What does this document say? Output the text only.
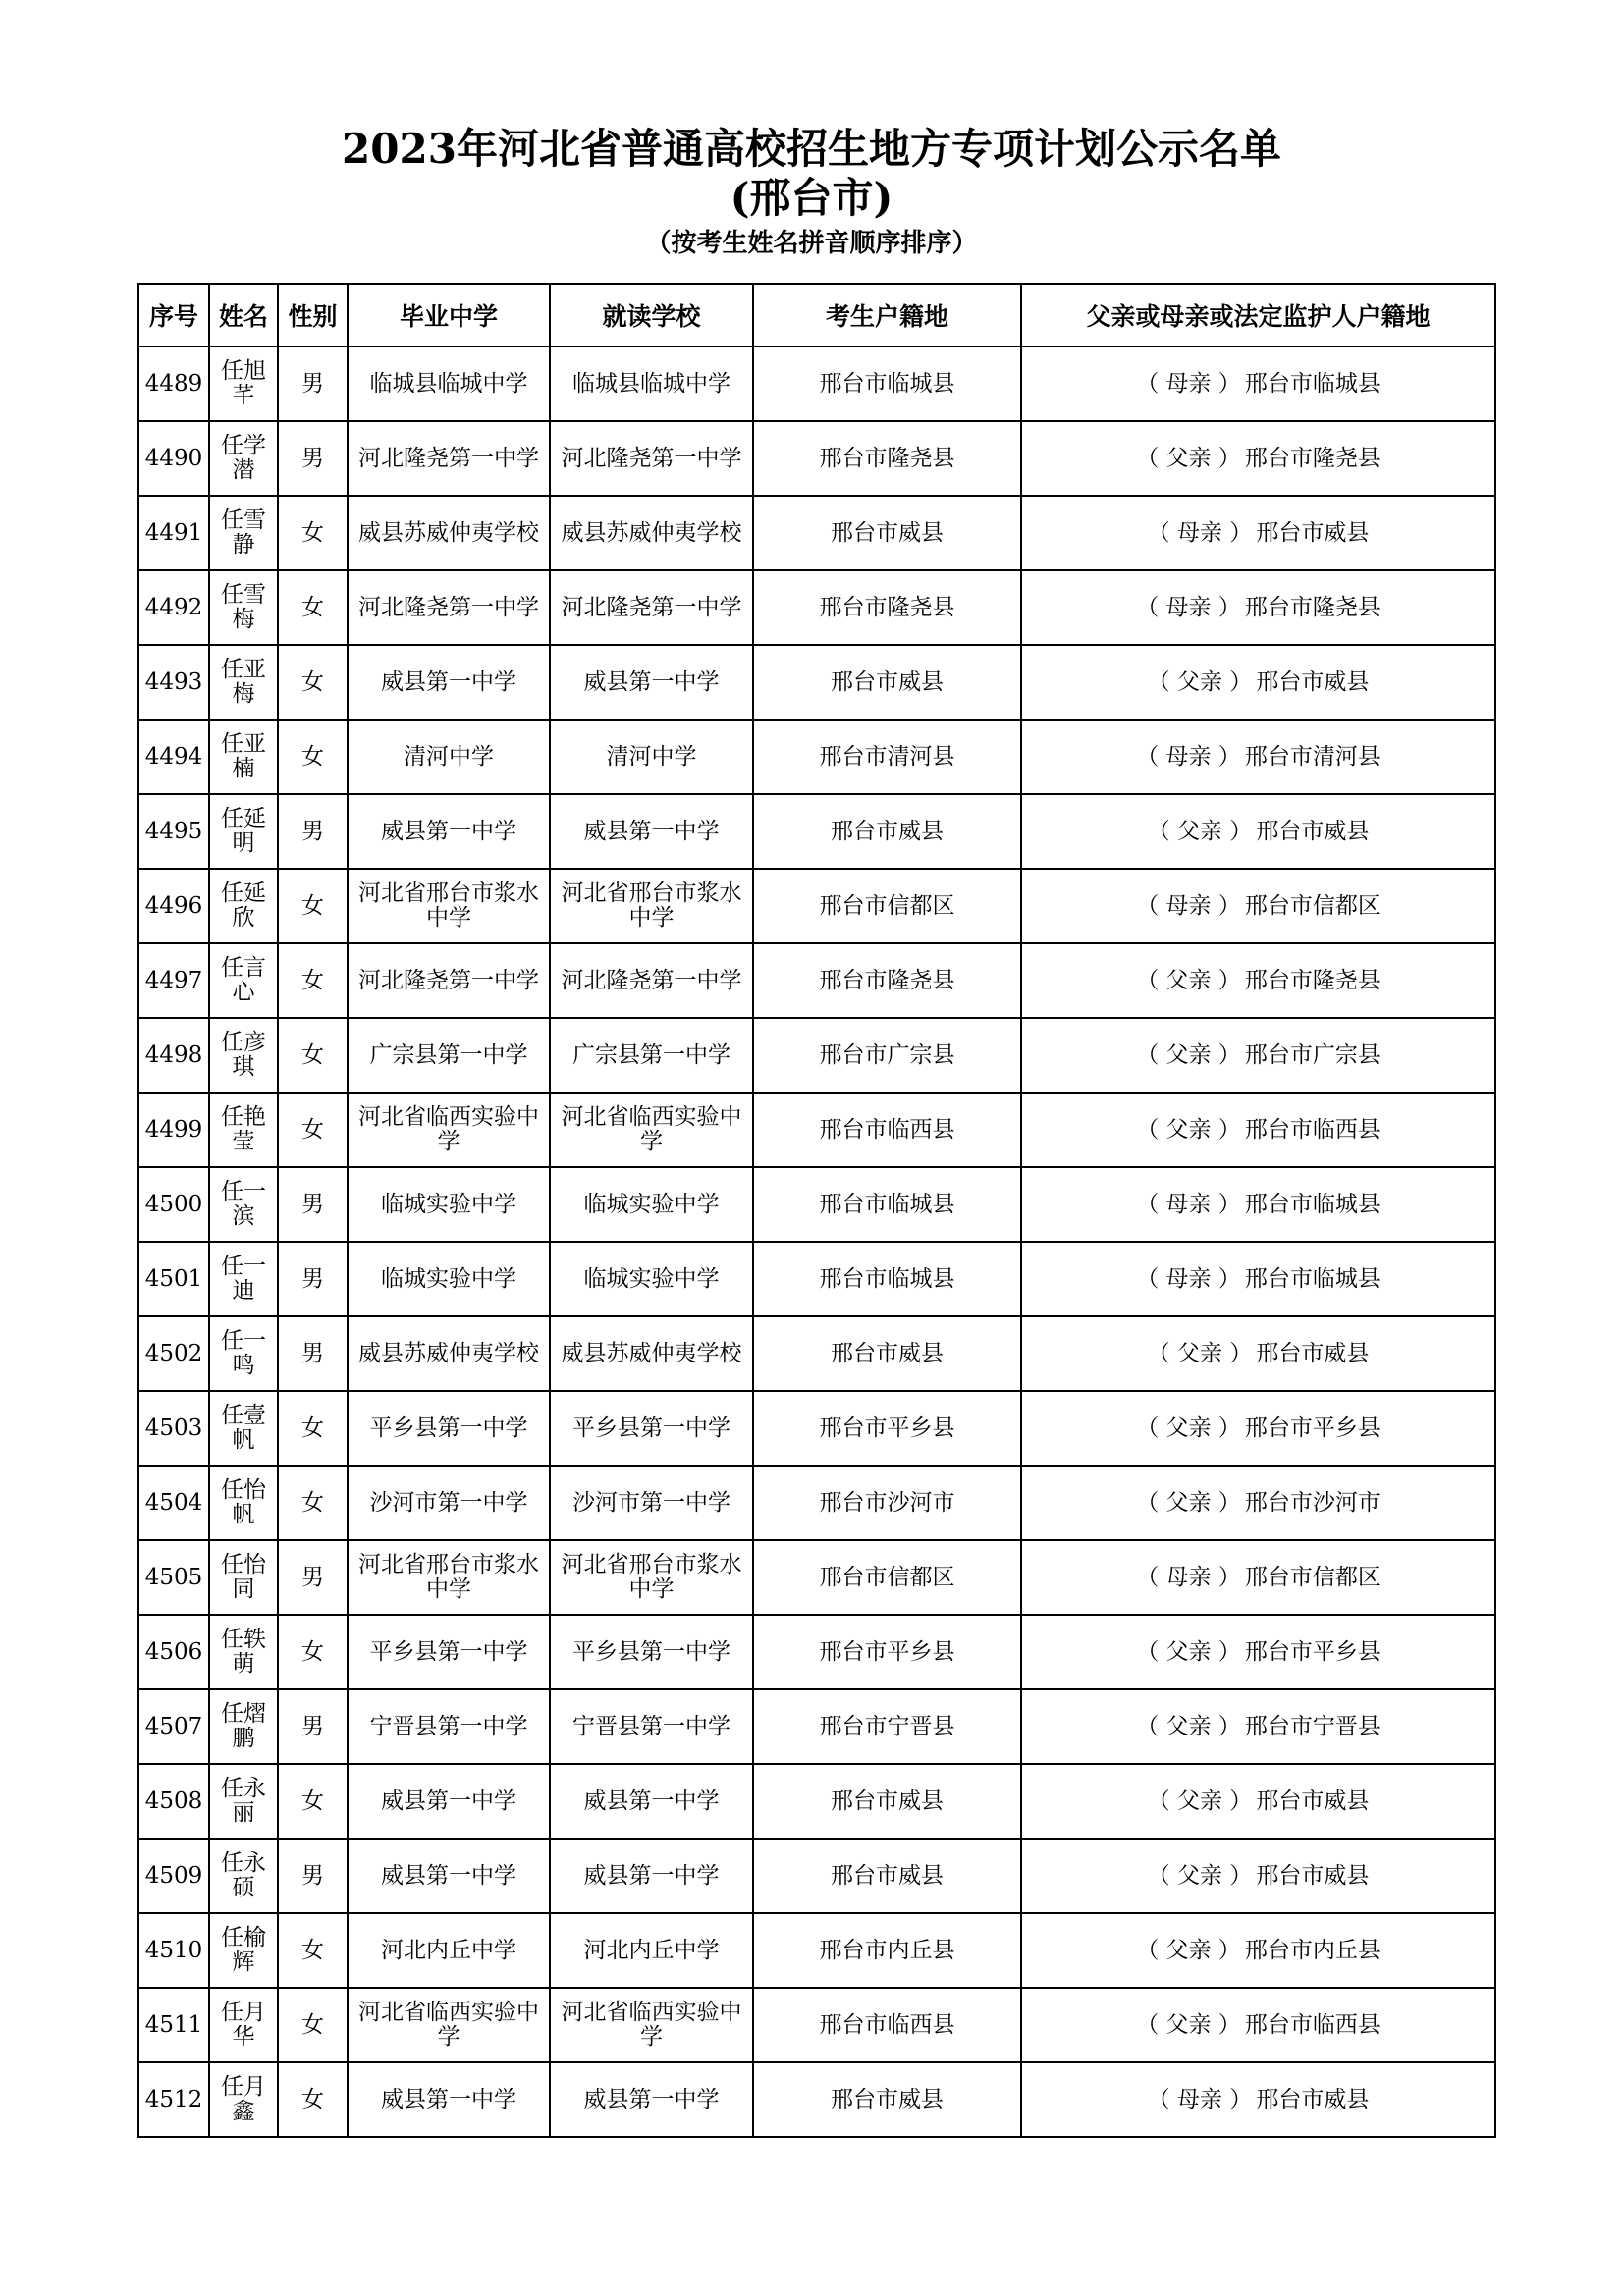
2023年河北省普通高校招生地方专项计划公示名单
(邢台市)
（按考生姓名拼音顺序排序）
序号	姓名	性别	毕业中学	就读学校	考生户籍地	父亲或母亲或法定监护人户籍地
4489	任旭芊	男	临城县临城中学	临城县临城中学	邢台市临城县	（ 母亲 ） 邢台市临城县
4490	任学潜	男	河北隆尧第一中学	河北隆尧第一中学	邢台市隆尧县	（ 父亲 ） 邢台市隆尧县
4491	任雪静	女	威县苏威仲夷学校	威县苏威仲夷学校	邢台市威县	（ 母亲 ） 邢台市威县
4492	任雪梅	女	河北隆尧第一中学	河北隆尧第一中学	邢台市隆尧县	（ 母亲 ） 邢台市隆尧县
4493	任亚梅	女	威县第一中学	威县第一中学	邢台市威县	（ 父亲 ） 邢台市威县
4494	任亚楠	女	清河中学	清河中学	邢台市清河县	（ 母亲 ） 邢台市清河县
4495	任延明	男	威县第一中学	威县第一中学	邢台市威县	（ 父亲 ） 邢台市威县
4496	任延欣	女	河北省邢台市浆水中学	河北省邢台市浆水中学	邢台市信都区	（ 母亲 ） 邢台市信都区
4497	任言心	女	河北隆尧第一中学	河北隆尧第一中学	邢台市隆尧县	（ 父亲 ） 邢台市隆尧县
4498	任彦琪	女	广宗县第一中学	广宗县第一中学	邢台市广宗县	（ 父亲 ） 邢台市广宗县
4499	任艳莹	女	河北省临西实验中学	河北省临西实验中学	邢台市临西县	（ 父亲 ） 邢台市临西县
4500	任一滨	男	临城实验中学	临城实验中学	邢台市临城县	（ 母亲 ） 邢台市临城县
4501	任一迪	男	临城实验中学	临城实验中学	邢台市临城县	（ 母亲 ） 邢台市临城县
4502	任一鸣	男	威县苏威仲夷学校	威县苏威仲夷学校	邢台市威县	（ 父亲 ） 邢台市威县
4503	任壹帆	女	平乡县第一中学	平乡县第一中学	邢台市平乡县	（ 父亲 ） 邢台市平乡县
4504	任怡帆	女	沙河市第一中学	沙河市第一中学	邢台市沙河市	（ 父亲 ） 邢台市沙河市
4505	任怡同	男	河北省邢台市浆水中学	河北省邢台市浆水中学	邢台市信都区	（ 母亲 ） 邢台市信都区
4506	任轶萌	女	平乡县第一中学	平乡县第一中学	邢台市平乡县	（ 父亲 ） 邢台市平乡县
4507	任熠鹏	男	宁晋县第一中学	宁晋县第一中学	邢台市宁晋县	（ 父亲 ） 邢台市宁晋县
4508	任永丽	女	威县第一中学	威县第一中学	邢台市威县	（ 父亲 ） 邢台市威县
4509	任永硕	男	威县第一中学	威县第一中学	邢台市威县	（ 父亲 ） 邢台市威县
4510	任榆辉	女	河北内丘中学	河北内丘中学	邢台市内丘县	（ 父亲 ） 邢台市内丘县
4511	任月华	女	河北省临西实验中学	河北省临西实验中学	邢台市临西县	（ 父亲 ） 邢台市临西县
4512	任月鑫	女	威县第一中学	威县第一中学	邢台市威县	（ 母亲 ） 邢台市威县
